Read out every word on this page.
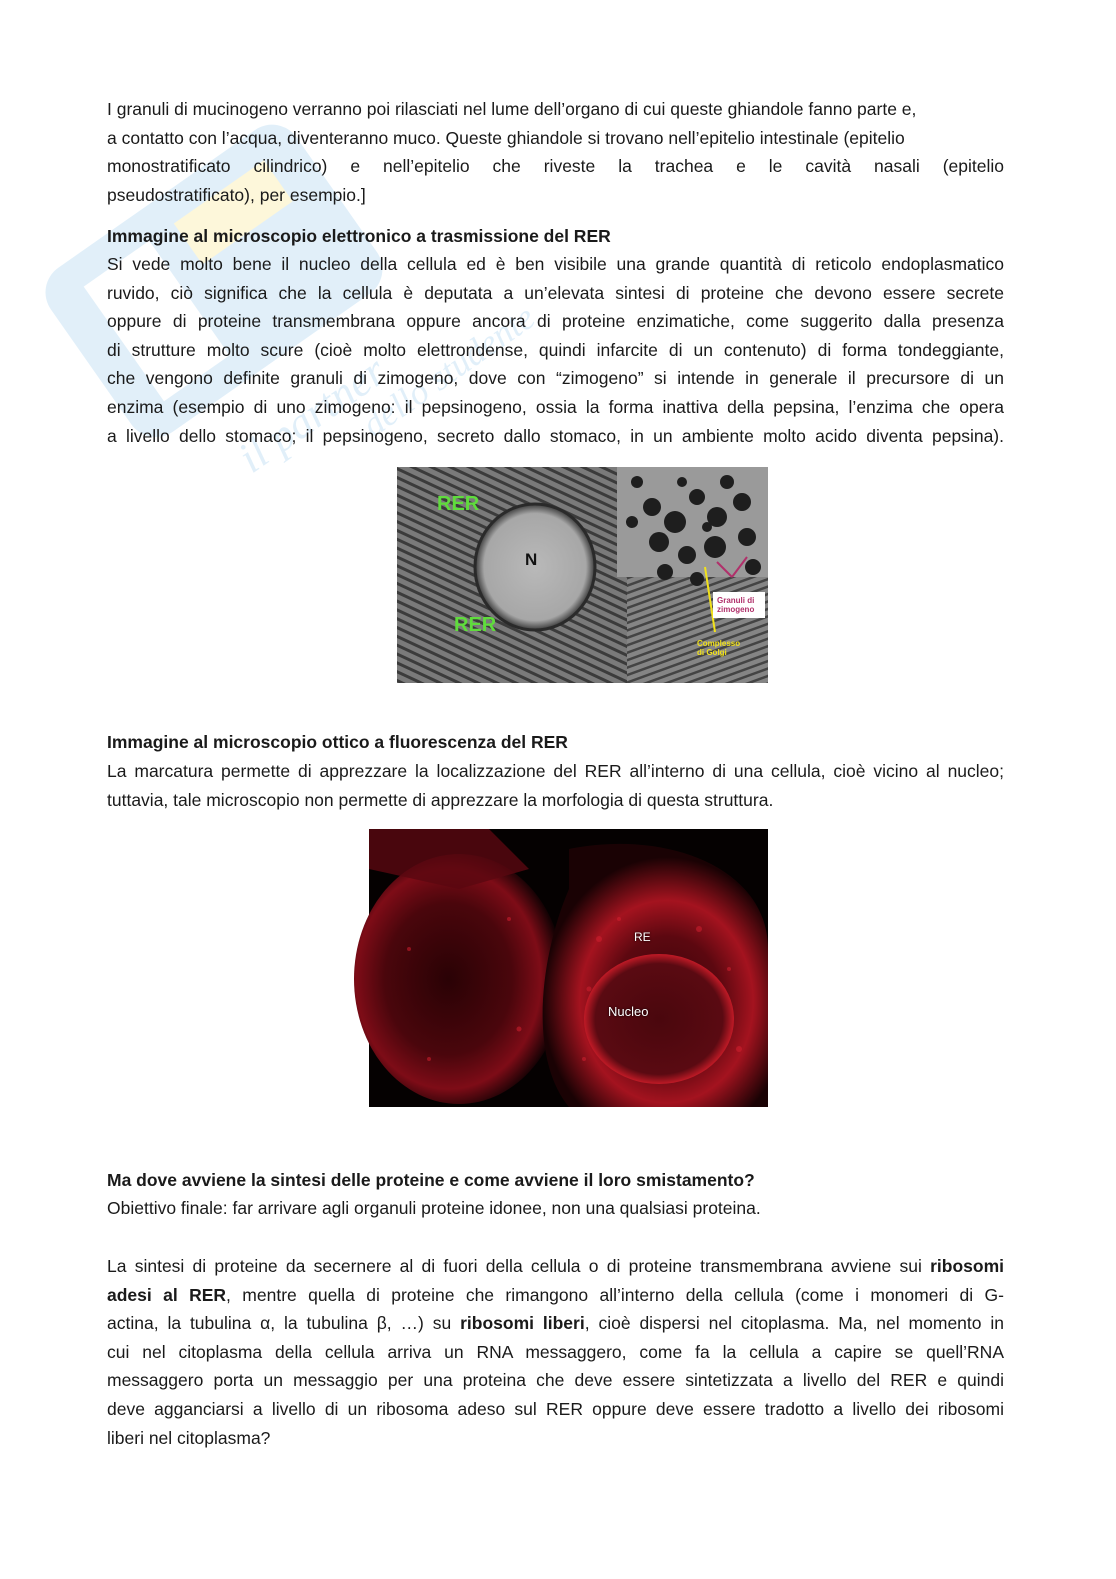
il partner
dello studente
I granuli di mucinogeno verranno poi rilasciati nel lume dell’organo di cui queste ghiandole fanno parte e,
a contatto con l’acqua, diventeranno muco. Queste ghiandole si trovano nell’epitelio intestinale (epitelio
monostratificato cilindrico) e nell’epitelio che riveste la trachea e le cavità nasali (epitelio
pseudostratificato), per esempio.]
Immagine al microscopio elettronico a trasmissione del RER
Si vede molto bene il nucleo della cellula ed è ben visibile una grande quantità di reticolo endoplasmatico
ruvido, ciò significa che la cellula è deputata a un’elevata sintesi di proteine che devono essere secrete
oppure di proteine transmembrana oppure ancora di proteine enzimatiche, come suggerito dalla presenza
di strutture molto scure (cioè molto elettrondense, quindi infarcite di un contenuto) di forma tondeggiante,
che vengono definite granuli di zimogeno, dove con “zimogeno” si intende in generale il precursore di un
enzima (esempio di uno zimogeno: il pepsinogeno, ossia la forma inattiva della pepsina, l’enzima che opera
a livello dello stomaco; il pepsinogeno, secreto dallo stomaco, in un ambiente molto acido diventa pepsina).
RER
RER
N
Granuli di
zimogeno
Complesso
di Golgi
Immagine al microscopio ottico a fluorescenza del RER
La marcatura permette di apprezzare la localizzazione del RER all’interno di una cellula, cioè vicino al nucleo;
tuttavia, tale microscopio non permette di apprezzare la morfologia di questa struttura.
RE
Nucleo
Ma dove avviene la sintesi delle proteine e come avviene il loro smistamento?
Obiettivo finale: far arrivare agli organuli proteine idonee, non una qualsiasi proteina.
La sintesi di proteine da secernere al di fuori della cellula o di proteine transmembrana avviene sui ribosomi
adesi al RER, mentre quella di proteine che rimangono all’interno della cellula (come i monomeri di G-
actina, la tubulina α, la tubulina β, …) su ribosomi liberi, cioè dispersi nel citoplasma. Ma, nel momento in
cui nel citoplasma della cellula arriva un RNA messaggero, come fa la cellula a capire se quell’RNA
messaggero porta un messaggio per una proteina che deve essere sintetizzata a livello del RER e quindi
deve agganciarsi a livello di un ribosoma adeso sul RER oppure deve essere tradotto a livello dei ribosomi
liberi nel citoplasma?
